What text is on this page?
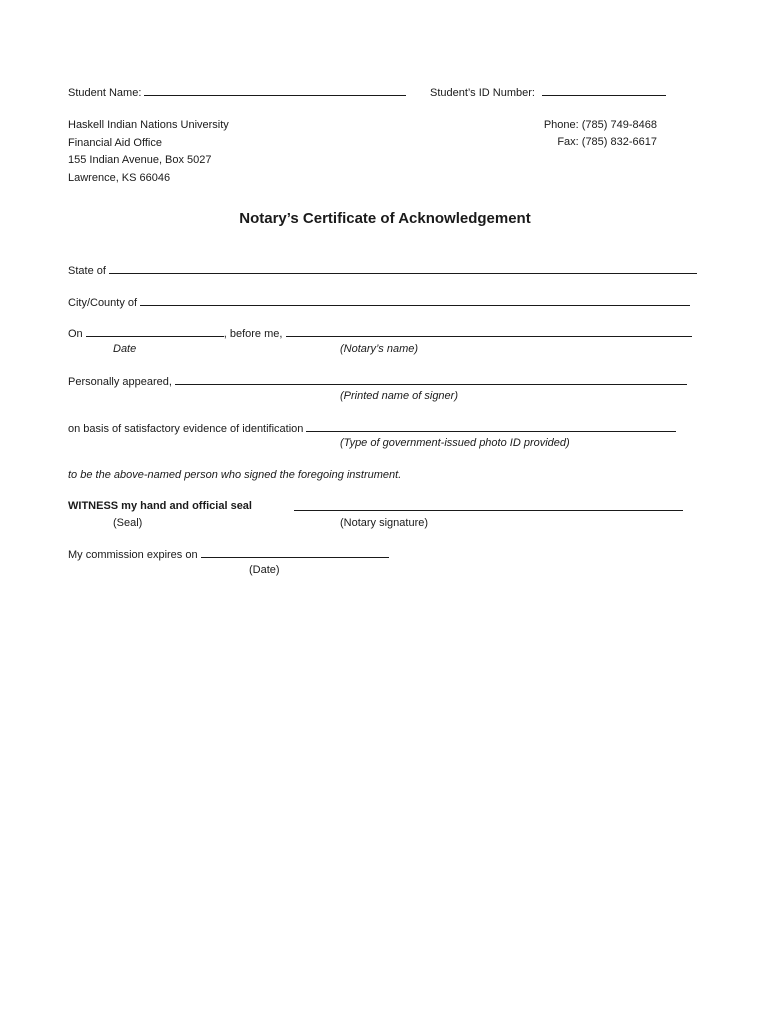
Student Name:	Student’s ID Number:
Haskell Indian Nations University
Financial Aid Office
155 Indian Avenue, Box 5027
Lawrence, KS 66046
Phone: (785) 749-8468
Fax: (785) 832-6617
Notary’s Certificate of Acknowledgement
State of
City/County of
On	, before me,
Date	(Notary’s name)
Personally appeared,
(Printed name of signer)
on basis of satisfactory evidence of identification
(Type of government-issued photo ID provided)
to be the above-named person who signed the foregoing instrument.
WITNESS my hand and official seal
(Seal)	(Notary signature)
My commission expires on
(Date)
